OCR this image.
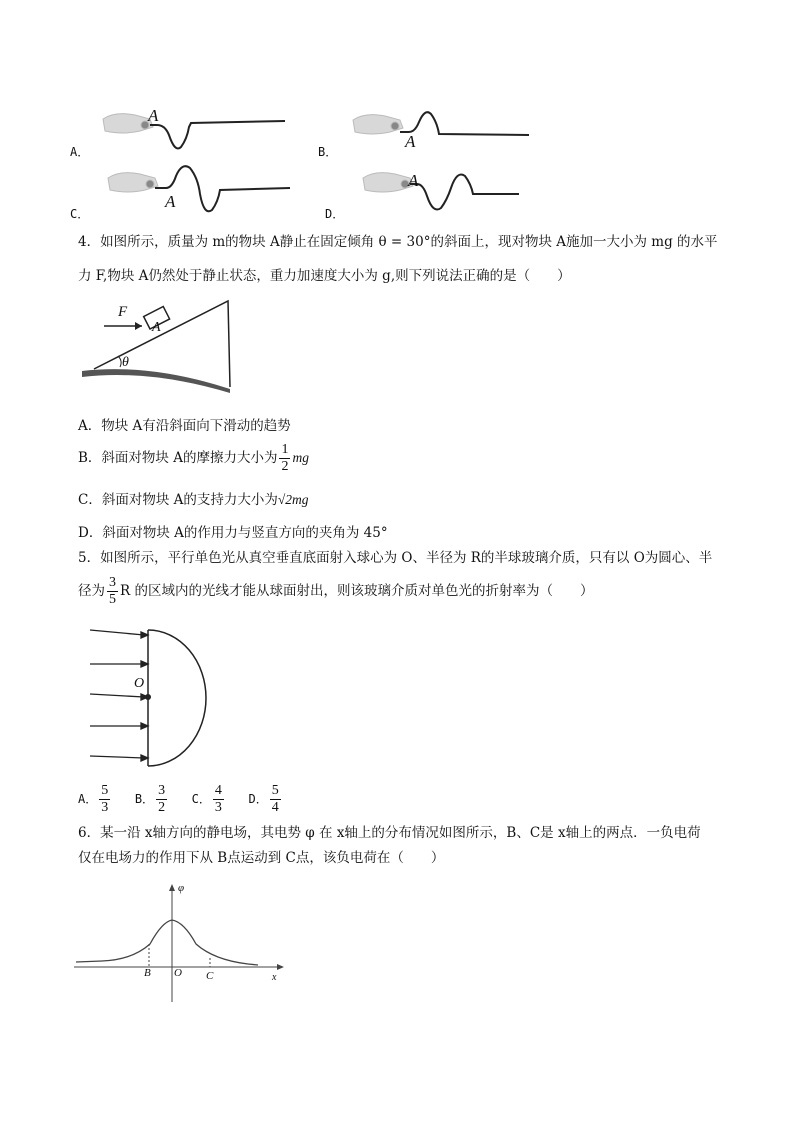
A．
A
B．
A
C．
A
D．
A
4．如图所示，质量为 m的物块 A静止在固定倾角 θ = 30°的斜面上，现对物块 A施加一大小为 mg 的水平
力 F,物块 A仍然处于静止状态，重力加速度大小为 g,则下列说法正确的是（　　）
F
A
θ
A．物块 A有沿斜面向下滑动的趋势
B．斜面对物块 A的摩擦力大小为 $\frac{1}{2}$ mg
C．斜面对物块 A的支持力大小为√2mg
D．斜面对物块 A的作用力与竖直方向的夹角为 45°
5．如图所示，平行单色光从真空垂直底面射入球心为 O、半径为 R的半球玻璃介质，只有以 O为圆心、半
径为 $\frac{3}{5}$ R 的区域内的光线才能从球面射出，则该玻璃介质对单色光的折射率为（　　）
O
A． $\frac{5}{3}$ B． $\frac{3}{2}$ C． $\frac{4}{3}$ D． $\frac{5}{4}$
6．某一沿 x轴方向的静电场，其电势 φ 在 x轴上的分布情况如图所示，B、C是 x轴上的两点．一负电荷
仅在电场力的作用下从 B点运动到 C点，该负电荷在（　　）
φ
B O C	x
